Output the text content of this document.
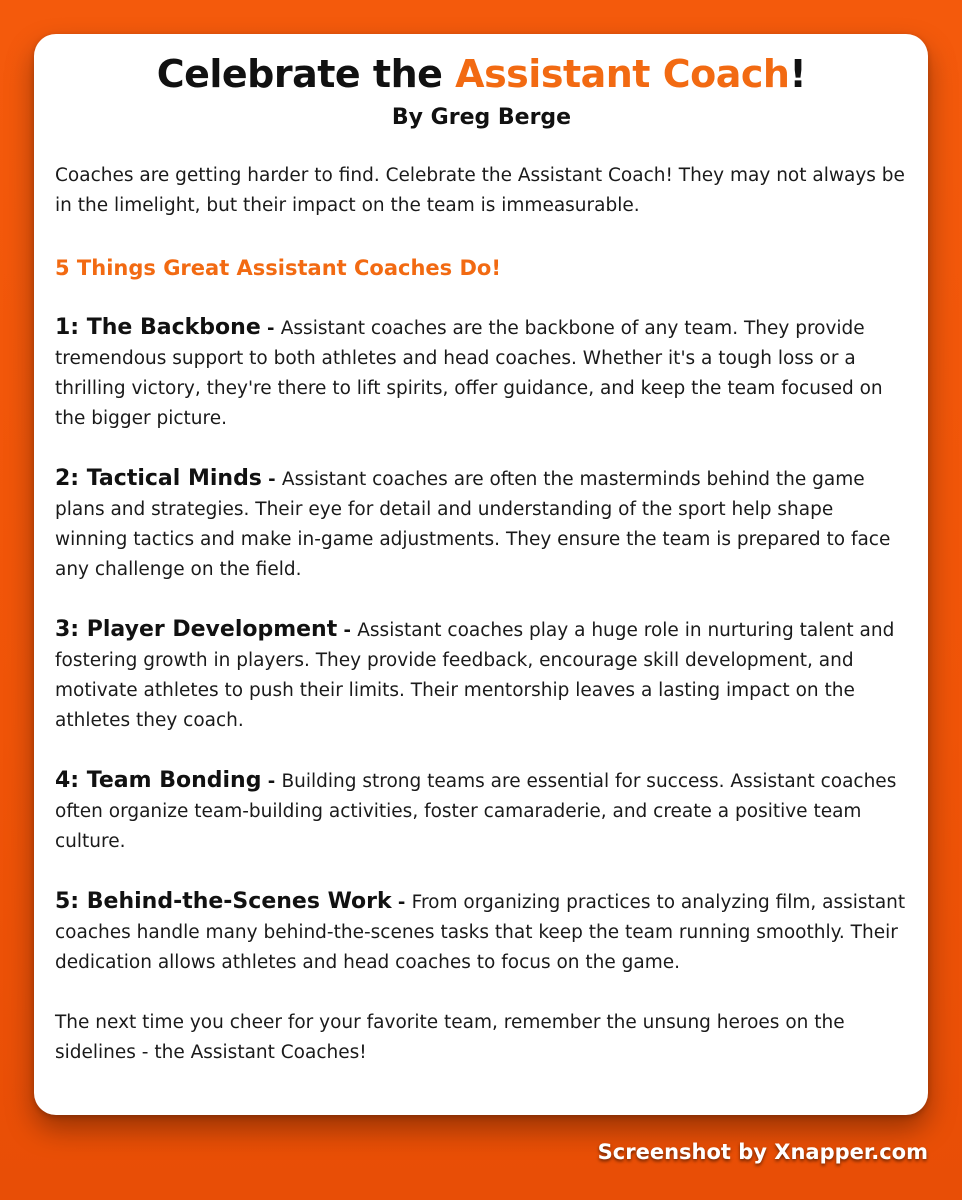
Celebrate the Assistant Coach!
By Greg Berge

Coaches are getting harder to find. Celebrate the Assistant Coach! They may not always be in the limelight, but their impact on the team is immeasurable.

5 Things Great Assistant Coaches Do!

1: The Backbone - Assistant coaches are the backbone of any team. They provide tremendous support to both athletes and head coaches. Whether it's a tough loss or a thrilling victory, they're there to lift spirits, offer guidance, and keep the team focused on the bigger picture.

2: Tactical Minds - Assistant coaches are often the masterminds behind the game plans and strategies. Their eye for detail and understanding of the sport help shape winning tactics and make in-game adjustments. They ensure the team is prepared to face any challenge on the field.

3: Player Development - Assistant coaches play a huge role in nurturing talent and fostering growth in players. They provide feedback, encourage skill development, and motivate athletes to push their limits. Their mentorship leaves a lasting impact on the athletes they coach.

4: Team Bonding - Building strong teams are essential for success. Assistant coaches often organize team-building activities, foster camaraderie, and create a positive team culture.

5: Behind-the-Scenes Work - From organizing practices to analyzing film, assistant coaches handle many behind-the-scenes tasks that keep the team running smoothly. Their dedication allows athletes and head coaches to focus on the game.

The next time you cheer for your favorite team, remember the unsung heroes on the sidelines - the Assistant Coaches!

Screenshot by Xnapper.com
